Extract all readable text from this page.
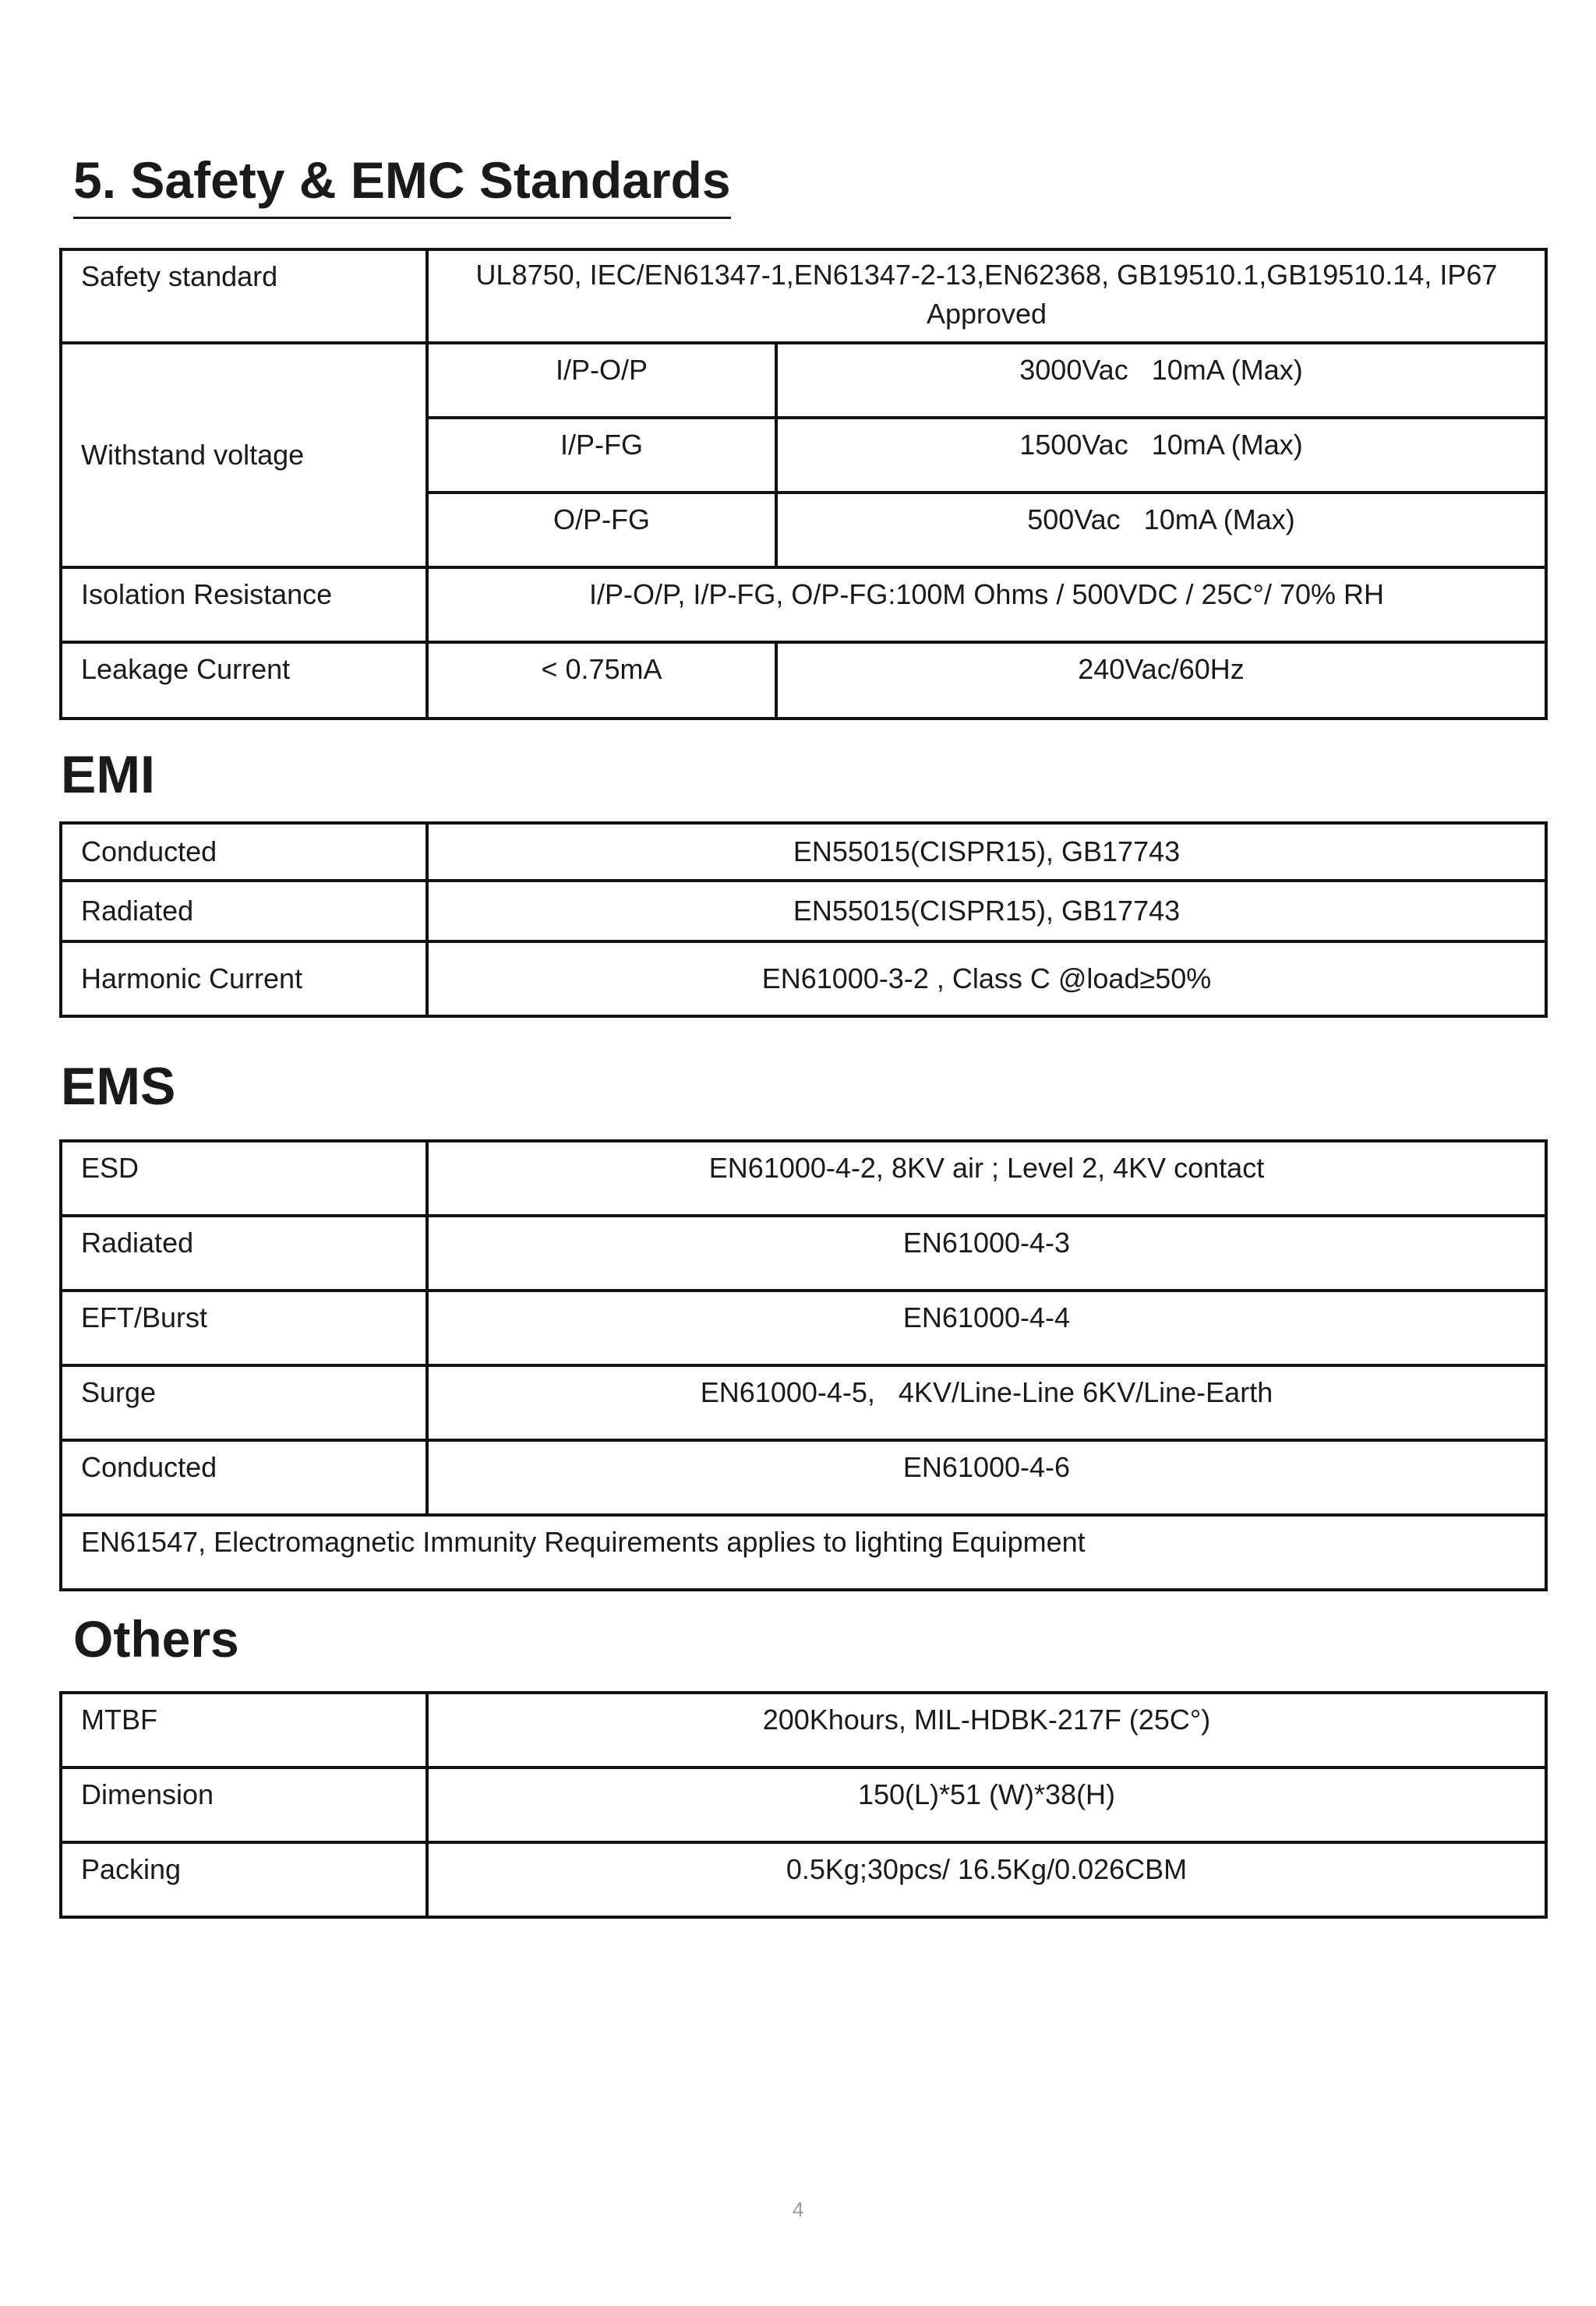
5. Safety & EMC Standards
Safety standard	UL8750, IEC/EN61347-1,EN61347-2-13,EN62368, GB19510.1,GB19510.14, IP67 Approved	
Withstand voltage	I/P-O/P	3000Vac   10mA (Max)
	I/P-FG	1500Vac   10mA (Max)
	O/P-FG	500Vac   10mA (Max)
Isolation Resistance	I/P-O/P, I/P-FG, O/P-FG:100M Ohms / 500VDC / 25C°/ 70% RH	
Leakage Current	< 0.75mA	240Vac/60Hz
EMI
Conducted	EN55015(CISPR15), GB17743
Radiated	EN55015(CISPR15), GB17743
Harmonic Current	EN61000-3-2 , Class C @load≥50%
EMS
ESD	EN61000-4-2, 8KV air ; Level 2, 4KV contact
Radiated	EN61000-4-3
EFT/Burst	EN61000-4-4
Surge	EN61000-4-5,   4KV/Line-Line 6KV/Line-Earth
Conducted	EN61000-4-6
EN61547, Electromagnetic Immunity Requirements applies to lighting Equipment	
Others
MTBF	200Khours, MIL-HDBK-217F (25C°)
Dimension	150(L)*51 (W)*38(H)
Packing	0.5Kg;30pcs/ 16.5Kg/0.026CBM
4
